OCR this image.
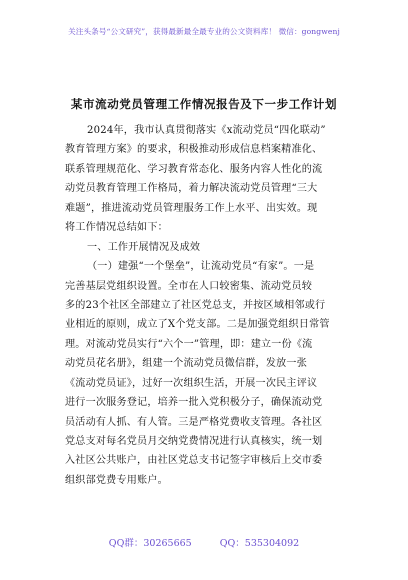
关注头条号“公文研究”，获得最新最全最专业的公文资料库！ 微信：gongwenj
某市流动党员管理工作情况报告及下一步工作计划
2024年，我市认真贯彻落实《x流动党员“四化联动”
教育管理方案》的要求，积极推动形成信息档案精准化、
联系管理规范化、学习教育常态化、服务内容人性化的流
动党员教育管理工作格局，着力解决流动党员管理“三大
难题”，推进流动党员管理服务工作上水平、出实效。现
将工作情况总结如下：
一、工作开展情况及成效
（一）建强“一个堡垒”，让流动党员“有家”。一是
完善基层党组织设置。全市在人口较密集、流动党员较
多的23个社区全部建立了社区党总支，并按区域相邻或行
业相近的原则，成立了X个党支部。二是加强党组织日常管
理。对流动党员实行“六个一”管理，即：建立一份《流
动党员花名册》，组建一个流动党员微信群，发放一张
《流动党员证》，过好一次组织生活，开展一次民主评议
进行一次服务登记，培养一批入党积极分子，确保流动党
员活动有人抓、有人管。三是严格党费收支管理。各社区
党总支对每名党员月交纳党费情况进行认真核实，统一划
入社区公共账户，由社区党总支书记签字审核后上交市委
组织部党费专用账户。
QQ群：30265665	QQ：535304092
